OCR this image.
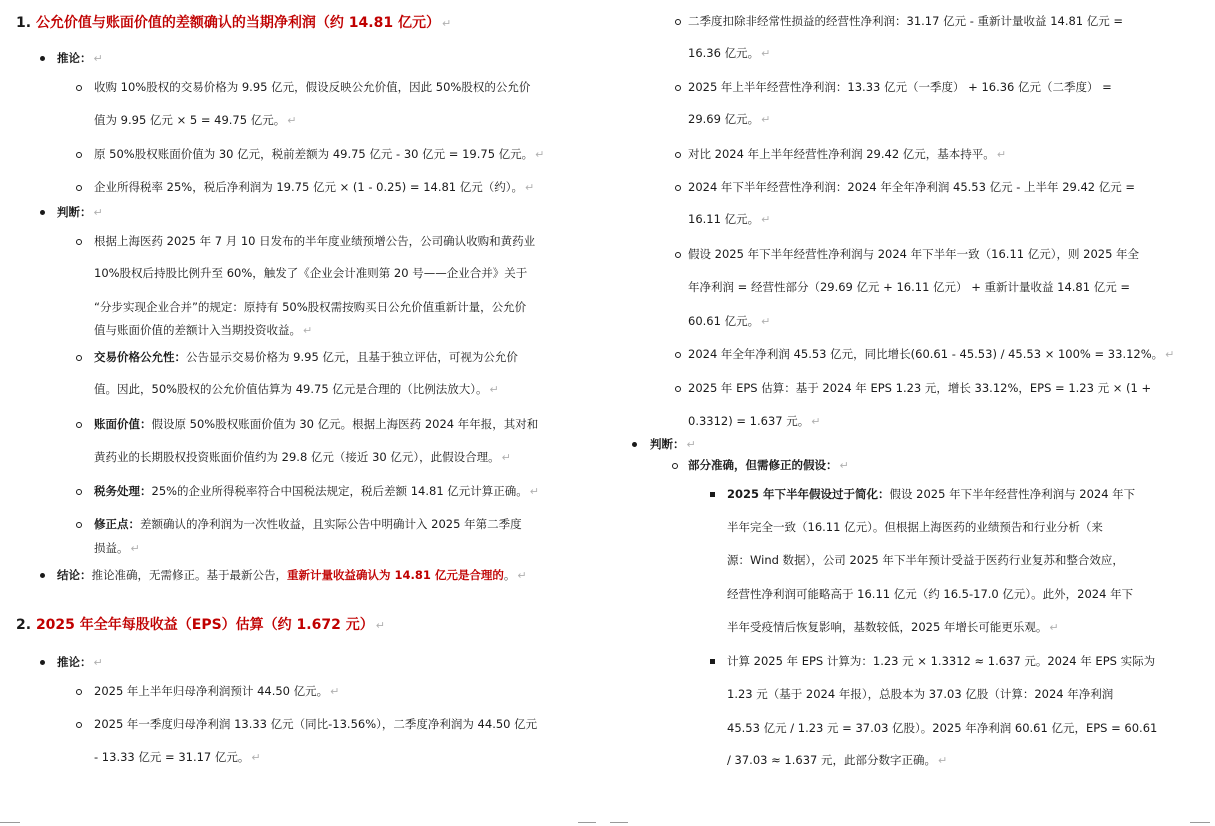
1. 公允价值与账面价值的差额确认的当期净利润（约 14.81 亿元） ↵
推论： ↵
收购 10%股权的交易价格为 9.95 亿元，假设反映公允价值，因此 50%股权的公允价
值为 9.95 亿元 × 5 = 49.75 亿元。 ↵
原 50%股权账面价值为 30 亿元，税前差额为 49.75 亿元 - 30 亿元 = 19.75 亿元。 ↵
企业所得税率 25%，税后净利润为 19.75 亿元 × (1 - 0.25) = 14.81 亿元（约）。 ↵
判断： ↵
根据上海医药 2025 年 7 月 10 日发布的半年度业绩预增公告，公司确认收购和黄药业
10%股权后持股比例升至 60%，触发了《企业会计准则第 20 号——企业合并》关于
“分步实现企业合并”的规定：原持有 50%股权需按购买日公允价值重新计量，公允价
值与账面价值的差额计入当期投资收益。 ↵
交易价格公允性：公告显示交易价格为 9.95 亿元，且基于独立评估，可视为公允价
值。因此，50%股权的公允价值估算为 49.75 亿元是合理的（比例法放大）。 ↵
账面价值：假设原 50%股权账面价值为 30 亿元。根据上海医药 2024 年年报，其对和
黄药业的长期股权投资账面价值约为 29.8 亿元（接近 30 亿元），此假设合理。 ↵
税务处理：25%的企业所得税率符合中国税法规定，税后差额 14.81 亿元计算正确。 ↵
修正点：差额确认的净利润为一次性收益，且实际公告中明确计入 2025 年第二季度
损益。 ↵
结论：推论准确，无需修正。基于最新公告，重新计量收益确认为 14.81 亿元是合理的。 ↵
2. 2025 年全年每股收益（EPS）估算（约 1.672 元） ↵
推论： ↵
2025 年上半年归母净利润预计 44.50 亿元。 ↵
2025 年一季度归母净利润 13.33 亿元（同比-13.56%），二季度净利润为 44.50 亿元
- 13.33 亿元 = 31.17 亿元。 ↵
二季度扣除非经常性损益的经营性净利润：31.17 亿元 - 重新计量收益 14.81 亿元 =
16.36 亿元。 ↵
2025 年上半年经营性净利润：13.33 亿元（一季度） + 16.36 亿元（二季度） =
29.69 亿元。 ↵
对比 2024 年上半年经营性净利润 29.42 亿元，基本持平。 ↵
2024 年下半年经营性净利润：2024 年全年净利润 45.53 亿元 - 上半年 29.42 亿元 =
16.11 亿元。 ↵
假设 2025 年下半年经营性净利润与 2024 年下半年一致（16.11 亿元），则 2025 年全
年净利润 = 经营性部分（29.69 亿元 + 16.11 亿元） + 重新计量收益 14.81 亿元 =
60.61 亿元。 ↵
2024 年全年净利润 45.53 亿元，同比增长(60.61 - 45.53) / 45.53 × 100% = 33.12%。 ↵
2025 年 EPS 估算：基于 2024 年 EPS 1.23 元，增长 33.12%，EPS = 1.23 元 × (1 +
0.3312) = 1.637 元。 ↵
判断： ↵
部分准确，但需修正的假设： ↵
2025 年下半年假设过于简化：假设 2025 年下半年经营性净利润与 2024 年下
半年完全一致（16.11 亿元）。但根据上海医药的业绩预告和行业分析（来
源：Wind 数据），公司 2025 年下半年预计受益于医药行业复苏和整合效应，
经营性净利润可能略高于 16.11 亿元（约 16.5-17.0 亿元）。此外，2024 年下
半年受疫情后恢复影响，基数较低，2025 年增长可能更乐观。 ↵
计算 2025 年 EPS 计算为：1.23 元 × 1.3312 ≈ 1.637 元。2024 年 EPS 实际为
1.23 元（基于 2024 年报），总股本为 37.03 亿股（计算：2024 年净利润
45.53 亿元 / 1.23 元 = 37.03 亿股）。2025 年净利润 60.61 亿元，EPS = 60.61
/ 37.03 ≈ 1.637 元，此部分数字正确。 ↵
